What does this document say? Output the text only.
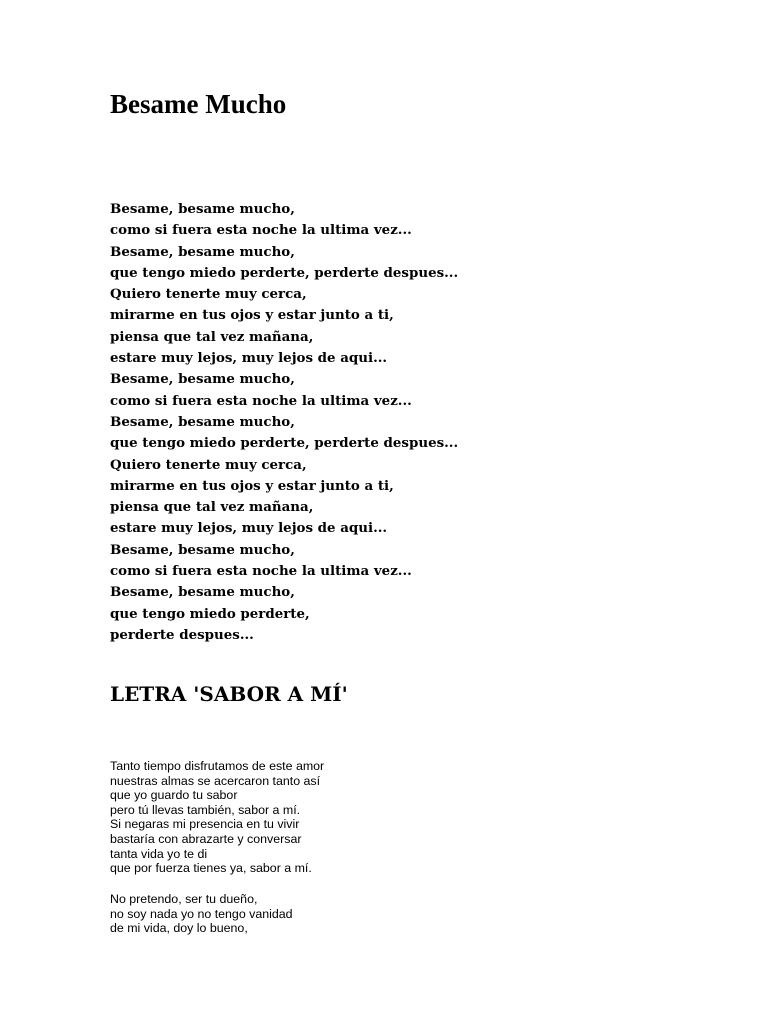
Besame Mucho
Besame, besame mucho,
como si fuera esta noche la ultima vez...
Besame, besame mucho,
que tengo miedo perderte, perderte despues...
Quiero tenerte muy cerca,
mirarme en tus ojos y estar junto a ti,
piensa que tal vez mañana,
estare muy lejos, muy lejos de aqui...
Besame, besame mucho,
como si fuera esta noche la ultima vez...
Besame, besame mucho,
que tengo miedo perderte, perderte despues...
Quiero tenerte muy cerca,
mirarme en tus ojos y estar junto a ti,
piensa que tal vez mañana,
estare muy lejos, muy lejos de aqui...
Besame, besame mucho,
como si fuera esta noche la ultima vez...
Besame, besame mucho,
que tengo miedo perderte,
perderte despues...
LETRA 'SABOR A MÍ'
Tanto tiempo disfrutamos de este amor
nuestras almas se acercaron tanto así
que yo guardo tu sabor
pero tú llevas también, sabor a mí.
Si negaras mi presencia en tu vivir
bastaría con abrazarte y conversar
tanta vida yo te di
que por fuerza tienes ya, sabor a mí.
No pretendo, ser tu dueño,
no soy nada yo no tengo vanidad
de mi vida, doy lo bueno,
